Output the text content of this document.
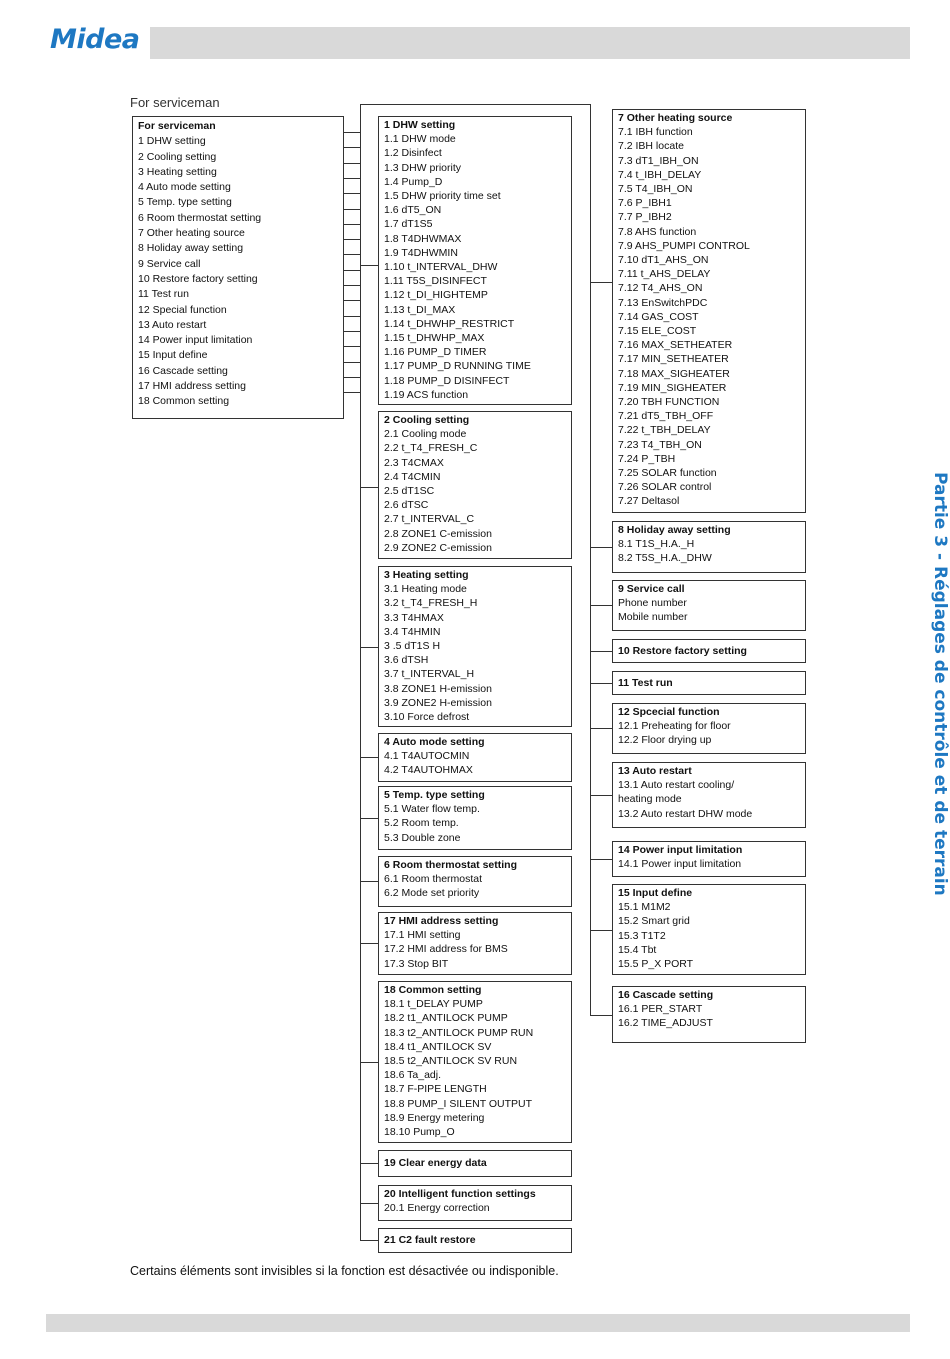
Midea
Partie 3 - Réglages de contrôle et de terrain
For serviceman
For serviceman
1 DHW setting
2 Cooling setting
3 Heating setting
4 Auto mode setting
5 Temp. type setting
6 Room thermostat setting
7 Other heating source
8 Holiday away setting
9 Service call
10 Restore factory setting
11 Test run
12 Special function
13 Auto restart
14 Power input limitation
15 Input define
16 Cascade setting
17 HMI address setting
18 Common setting
1 DHW setting
1.1 DHW mode
1.2 Disinfect
1.3 DHW priority
1.4 Pump_D
1.5 DHW priority time set
1.6 dT5_ON
1.7 dT1S5
1.8 T4DHWMAX
1.9 T4DHWMIN
1.10 t_INTERVAL_DHW
1.11 T5S_DISINFECT
1.12 t_DI_HIGHTEMP
1.13 t_DI_MAX
1.14 t_DHWHP_RESTRICT
1.15 t_DHWHP_MAX
1.16 PUMP_D TIMER
1.17 PUMP_D RUNNING TIME
1.18 PUMP_D DISINFECT
1.19 ACS function
2 Cooling setting
2.1 Cooling mode
2.2 t_T4_FRESH_C
2.3 T4CMAX
2.4 T4CMIN
2.5 dT1SC
2.6 dTSC
2.7 t_INTERVAL_C
2.8 ZONE1 C-emission
2.9 ZONE2 C-emission
3 Heating setting
3.1 Heating mode
3.2 t_T4_FRESH_H
3.3 T4HMAX
3.4 T4HMIN
3 .5 dT1S H
3.6 dTSH
3.7 t_INTERVAL_H
3.8 ZONE1 H-emission
3.9 ZONE2 H-emission
3.10 Force defrost
4 Auto mode setting
4.1 T4AUTOCMIN
4.2 T4AUTOHMAX
5 Temp. type setting
5.1 Water flow temp.
5.2 Room temp.
5.3 Double zone
6 Room thermostat setting
6.1 Room thermostat
6.2 Mode set priority
17 HMI address setting
17.1 HMI setting
17.2 HMI address for BMS
17.3 Stop BIT
18 Common setting
18.1 t_DELAY PUMP
18.2 t1_ANTILOCK PUMP
18.3 t2_ANTILOCK PUMP RUN
18.4 t1_ANTILOCK SV
18.5 t2_ANTILOCK SV RUN
18.6 Ta_adj.
18.7 F-PIPE LENGTH
18.8 PUMP_I SILENT OUTPUT
18.9 Energy metering
18.10 Pump_O
19 Clear energy data
20 Intelligent function settings
20.1 Energy correction
21 C2 fault restore
7 Other heating source
7.1 IBH function
7.2 IBH locate
7.3 dT1_IBH_ON
7.4 t_IBH_DELAY
7.5 T4_IBH_ON
7.6 P_IBH1
7.7 P_IBH2
7.8 AHS function
7.9 AHS_PUMPI CONTROL
7.10 dT1_AHS_ON
7.11 t_AHS_DELAY
7.12 T4_AHS_ON
7.13 EnSwitchPDC
7.14 GAS_COST
7.15 ELE_COST
7.16 MAX_SETHEATER
7.17 MIN_SETHEATER
7.18 MAX_SIGHEATER
7.19 MIN_SIGHEATER
7.20 TBH FUNCTION
7.21 dT5_TBH_OFF
7.22 t_TBH_DELAY
7.23 T4_TBH_ON
7.24 P_TBH
7.25 SOLAR function
7.26 SOLAR control
7.27 Deltasol
8 Holiday away setting
8.1 T1S_H.A._H
8.2 T5S_H.A._DHW
9 Service call
Phone number
Mobile number
10 Restore factory setting
11 Test run
12 Spcecial function
12.1 Preheating for floor
12.2 Floor drying up
13 Auto restart
13.1 Auto restart cooling/
heating mode
13.2 Auto restart DHW mode
14 Power input limitation
14.1 Power input limitation
15 Input define
15.1 M1M2
15.2 Smart grid
15.3 T1T2
15.4 Tbt
15.5 P_X PORT
16 Cascade setting
16.1 PER_START
16.2 TIME_ADJUST
Certains éléments sont invisibles si la fonction est désactivée ou indisponible.
